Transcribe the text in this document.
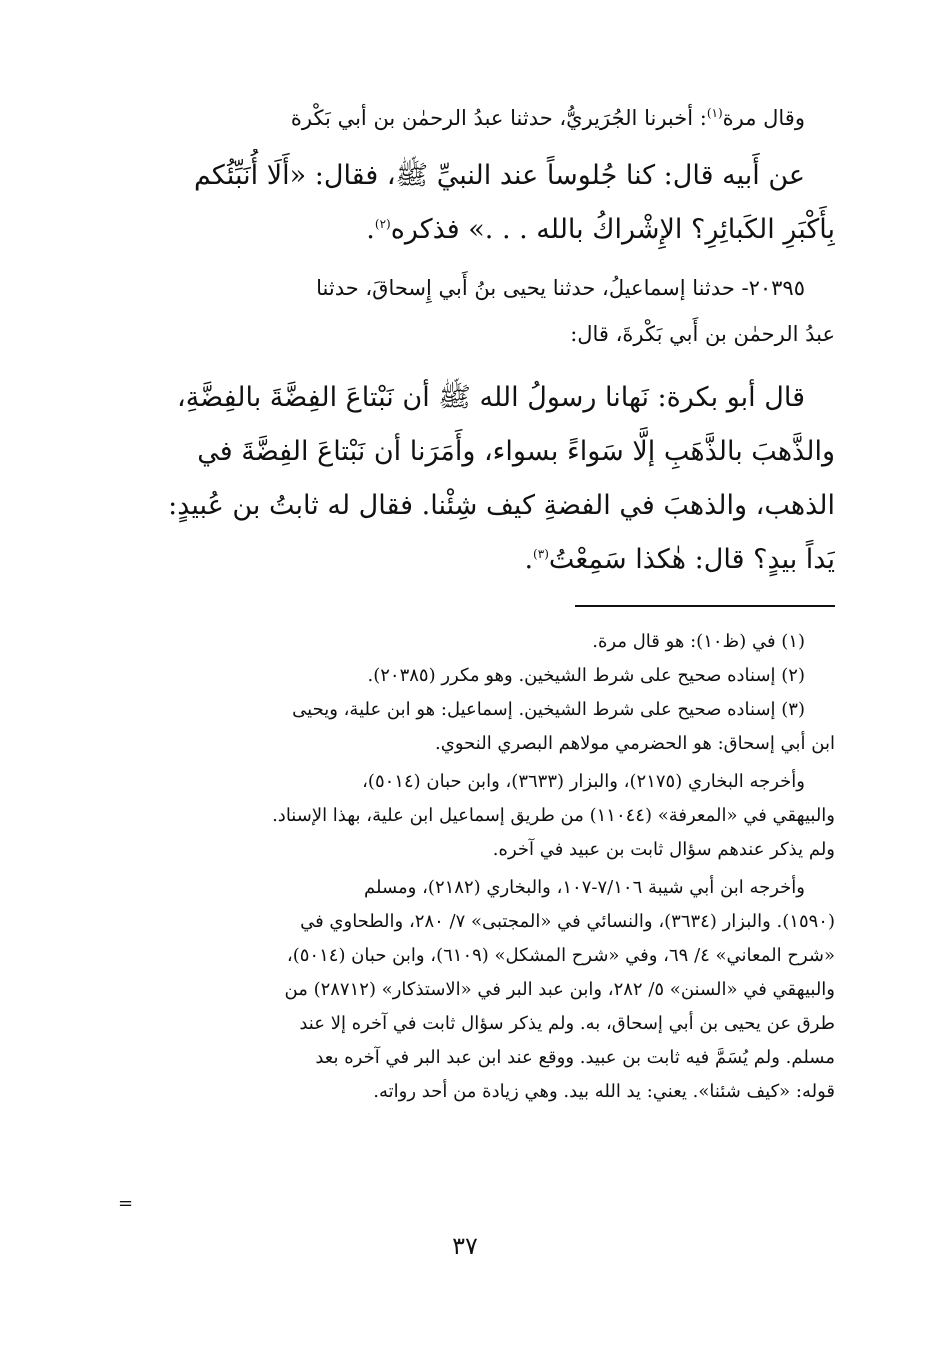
وقال مرة$^{(١)}$: أخبرنا الجُرَيريُّ، حدثنا عبدُ الرحمٰن بن أبي بَكْرة
عن أَبيه قال: كنا جُلوساً عند النبيِّ ﷺ، فقال: «أَلَا أُنَبِّئُكم
بِأَكْبَرِ الكَبائِرِ؟ الإِشْراكُ بالله . . .» فذكره$^{(٢)}$.
٢٠٣٩٥- حدثنا إسماعيلُ، حدثنا يحيى بنُ أَبي إِسحاقَ، حدثنا
عبدُ الرحمٰن بن أَبي بَكْرةَ، قال:
قال أبو بكرة: نَهانا رسولُ الله ﷺ أن نَبْتاعَ الفِضَّةَ بالفِضَّةِ،
والذَّهبَ بالذَّهَبِ إلَّا سَواءً بسواء، وأَمَرَنا أن نَبْتاعَ الفِضَّةَ في
الذهب، والذهبَ في الفضةِ كيف شِئْنا. فقال له ثابتُ بن عُبيدٍ:
يَداً بيدٍ؟ قال: هٰكذا سَمِعْتُ$^{(٣)}$.
(١) في (ظ١٠): هو قال مرة.
(٢) إسناده صحيح على شرط الشيخين. وهو مكرر (٢٠٣٨٥).
(٣) إسناده صحيح على شرط الشيخين. إسماعيل: هو ابن علية، ويحيى
ابن أبي إسحاق: هو الحضرمي مولاهم البصري النحوي.
وأخرجه البخاري (٢١٧٥)، والبزار (٣٦٣٣)، وابن حبان (٥٠١٤)،
والبيهقي في «المعرفة» (١١٠٤٤) من طريق إسماعيل ابن علية، بهذا الإسناد.
ولم يذكر عندهم سؤال ثابت بن عبيد في آخره.
وأخرجه ابن أبي شيبة ٧/١٠٦-١٠٧، والبخاري (٢١٨٢)، ومسلم
(١٥٩٠). والبزار (٣٦٣٤)، والنسائي في «المجتبى» ٧/ ٢٨٠، والطحاوي في
«شرح المعاني» ٤/ ٦٩، وفي «شرح المشكل» (٦١٠٩)، وابن حبان (٥٠١٤)،
والبيهقي في «السنن» ٥/ ٢٨٢، وابن عبد البر في «الاستذكار» (٢٨٧١٢) من
طرق عن يحيى بن أبي إسحاق، به. ولم يذكر سؤال ثابت في آخره إلا عند
مسلم. ولم يُسَمَّ فيه ثابت بن عبيد. ووقع عند ابن عبد البر في آخره بعد
قوله: «كيف شئنا». يعني: يد الله بيد. وهي زيادة من أحد رواته.
=
٣٧
